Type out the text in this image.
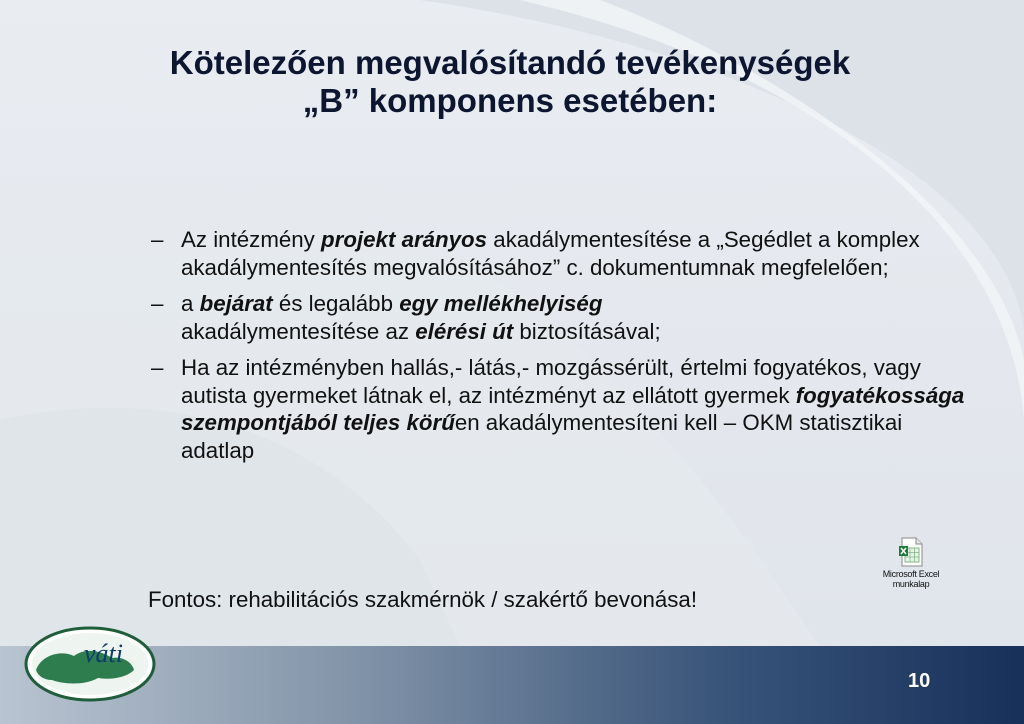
Kötelezően megvalósítandó tevékenységek
„B” komponens esetében:
– Az intézmény projekt arányos akadálymentesítése a „Segédlet a komplex akadálymentesítés megvalósításához” c. dokumentumnak megfelelően;
– a bejárat és legalább egy mellékhelyiség
akadálymentesítése az elérési út biztosításával;
– Ha az intézményben hallás,- látás,- mozgássérült, értelmi fogyatékos, vagy autista gyermeket látnak el, az intézményt az ellátott gyermek fogyatékossága szempontjából teljes körűen akadálymentesíteni kell – OKM statisztikai adatlap
Microsoft Excel
munkalap
Fontos: rehabilitációs szakmérnök / szakértő bevonása!
váti
10
